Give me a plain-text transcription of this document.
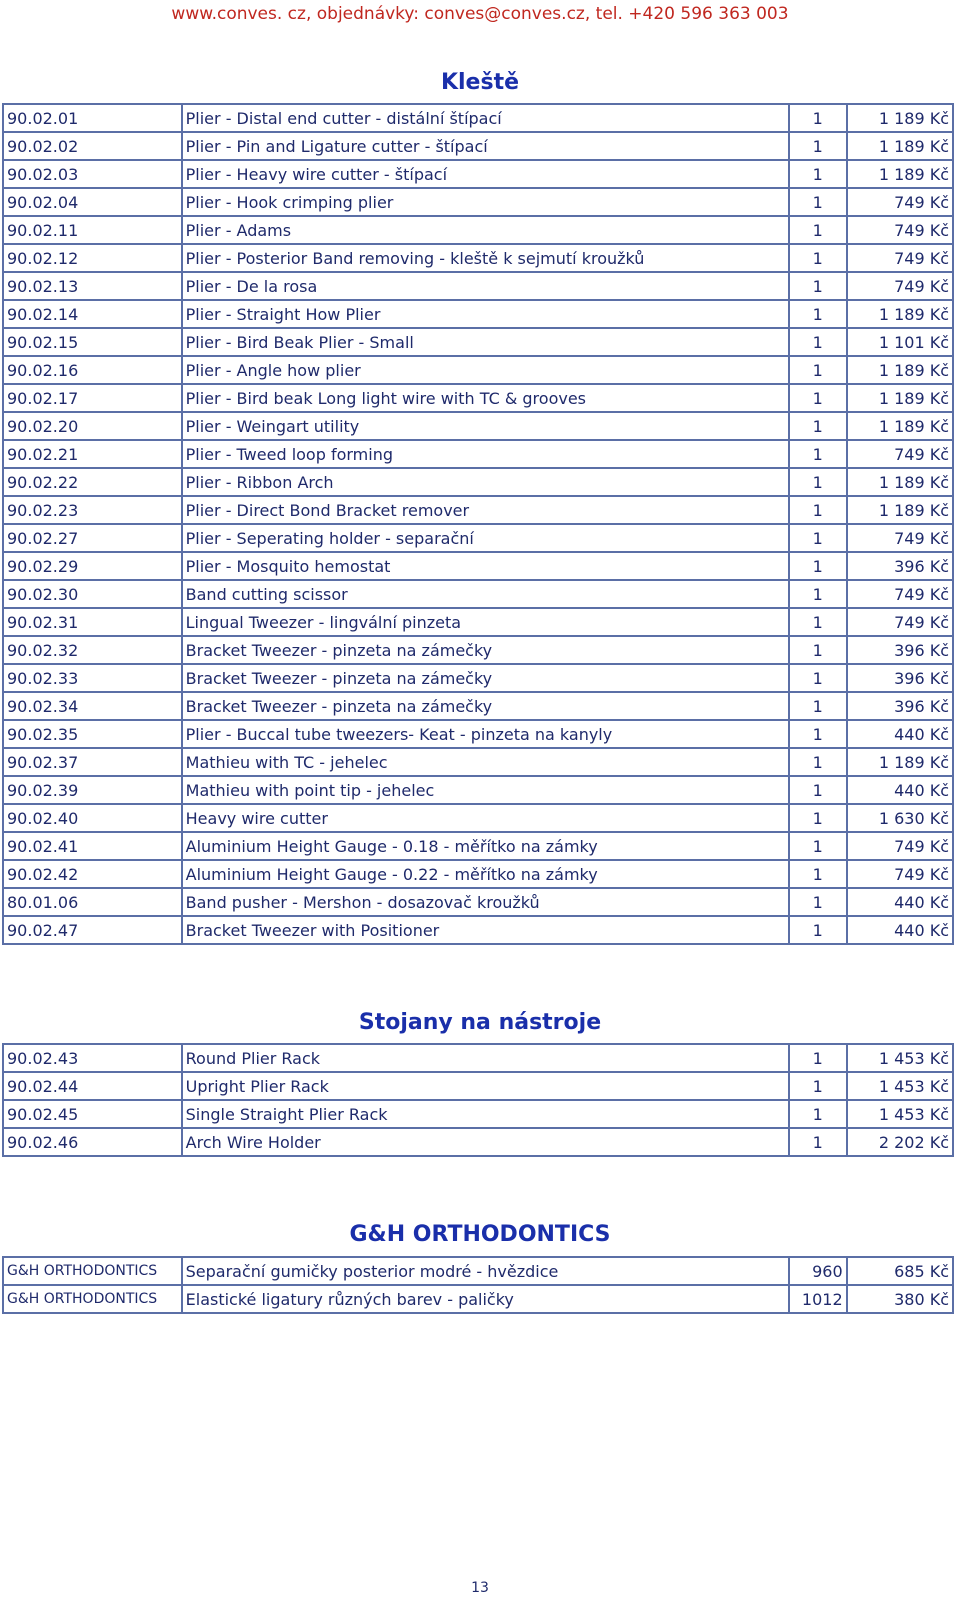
www.conves. cz, objednávky: conves@conves.cz, tel. +420 596 363 003
Kleště
90.02.01	Plier - Distal end cutter - distální štípací	1	1 189 Kč
90.02.02	Plier - Pin and Ligature cutter - štípací	1	1 189 Kč
90.02.03	Plier - Heavy wire cutter - štípací	1	1 189 Kč
90.02.04	Plier - Hook crimping plier	1	749 Kč
90.02.11	Plier - Adams	1	749 Kč
90.02.12	Plier - Posterior Band removing - kleště k sejmutí kroužků	1	749 Kč
90.02.13	Plier - De la rosa	1	749 Kč
90.02.14	Plier - Straight How Plier	1	1 189 Kč
90.02.15	Plier - Bird Beak Plier - Small	1	1 101 Kč
90.02.16	Plier - Angle how plier	1	1 189 Kč
90.02.17	Plier - Bird beak Long light wire with TC & grooves	1	1 189 Kč
90.02.20	Plier - Weingart utility	1	1 189 Kč
90.02.21	Plier - Tweed loop forming	1	749 Kč
90.02.22	Plier - Ribbon Arch	1	1 189 Kč
90.02.23	Plier - Direct Bond Bracket remover	1	1 189 Kč
90.02.27	Plier - Seperating holder - separační	1	749 Kč
90.02.29	Plier - Mosquito hemostat	1	396 Kč
90.02.30	Band cutting scissor	1	749 Kč
90.02.31	Lingual Tweezer - lingvální pinzeta	1	749 Kč
90.02.32	Bracket Tweezer - pinzeta na zámečky	1	396 Kč
90.02.33	Bracket Tweezer - pinzeta na zámečky	1	396 Kč
90.02.34	Bracket Tweezer - pinzeta na zámečky	1	396 Kč
90.02.35	Plier - Buccal tube tweezers- Keat - pinzeta na kanyly	1	440 Kč
90.02.37	Mathieu with TC - jehelec	1	1 189 Kč
90.02.39	Mathieu with point tip - jehelec	1	440 Kč
90.02.40	Heavy wire cutter	1	1 630 Kč
90.02.41	Aluminium Height Gauge - 0.18 - měřítko na zámky	1	749 Kč
90.02.42	Aluminium Height Gauge - 0.22 - měřítko na zámky	1	749 Kč
80.01.06	Band pusher - Mershon - dosazovač kroužků	1	440 Kč
90.02.47	Bracket Tweezer with Positioner	1	440 Kč
Stojany na nástroje
90.02.43	Round Plier Rack	1	1 453 Kč
90.02.44	Upright Plier Rack	1	1 453 Kč
90.02.45	Single Straight Plier Rack	1	1 453 Kč
90.02.46	Arch Wire Holder	1	2 202 Kč
G&H ORTHODONTICS
G&H ORTHODONTICS	Separační gumičky posterior modré - hvězdice	960	685 Kč
G&H ORTHODONTICS	Elastické ligatury různých barev - paličky	1012	380 Kč
13
